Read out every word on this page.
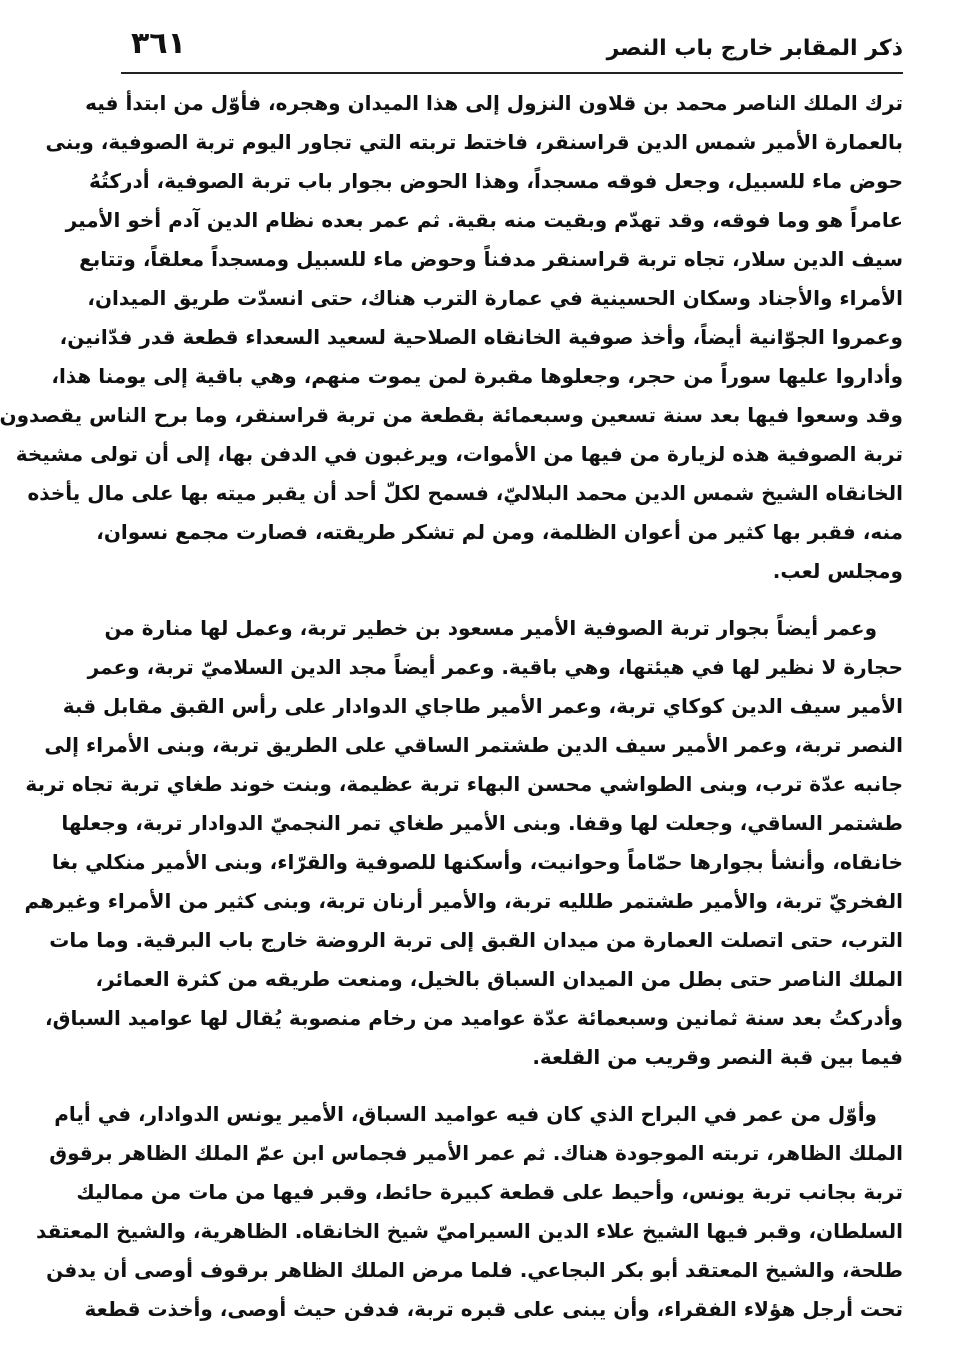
ذكر المقابر خارج باب النصر
٣٦١
ترك الملك الناصر محمد بن قلاون النزول إلى هذا الميدان وهجره، فأوّل من ابتدأ فيه
بالعمارة الأمير شمس الدين قراسنقر، فاختط تربته التي تجاور اليوم تربة الصوفية، وبنى
حوض ماء للسبيل، وجعل فوقه مسجداً، وهذا الحوض بجوار باب تربة الصوفية، أدركتُهُ
عامراً هو وما فوقه، وقد تهدّم وبقيت منه بقية. ثم عمر بعده نظام الدين آدم أخو الأمير
سيف الدين سلار، تجاه تربة قراسنقر مدفناً وحوض ماء للسبيل ومسجداً معلقاً، وتتابع
الأمراء والأجناد وسكان الحسينية في عمارة الترب هناك، حتى انسدّت طريق الميدان،
وعمروا الجوّانية أيضاً، وأخذ صوفية الخانقاه الصلاحية لسعيد السعداء قطعة قدر فدّانين،
وأداروا عليها سوراً من حجر، وجعلوها مقبرة لمن يموت منهم، وهي باقية إلى يومنا هذا،
وقد وسعوا فيها بعد سنة تسعين وسبعمائة بقطعة من تربة قراسنقر، وما برح الناس يقصدون
تربة الصوفية هذه لزيارة من فيها من الأموات، ويرغبون في الدفن بها، إلى أن تولى مشيخة
الخانقاه الشيخ شمس الدين محمد البلاليّ، فسمح لكلّ أحد أن يقبر ميته بها على مال يأخذه
منه، فقبر بها كثير من أعوان الظلمة، ومن لم تشكر طريقته، فصارت مجمع نسوان،
ومجلس لعب.
وعمر أيضاً بجوار تربة الصوفية الأمير مسعود بن خطير تربة، وعمل لها منارة من
حجارة لا نظير لها في هيئتها، وهي باقية. وعمر أيضاً مجد الدين السلاميّ تربة، وعمر
الأمير سيف الدين كوكاي تربة، وعمر الأمير طاجاي الدوادار على رأس القبق مقابل قبة
النصر تربة، وعمر الأمير سيف الدين طشتمر الساقي على الطريق تربة، وبنى الأمراء إلى
جانبه عدّة ترب، وبنى الطواشي محسن البهاء تربة عظيمة، وبنت خوند طغاي تربة تجاه تربة
طشتمر الساقي، وجعلت لها وقفا. وبنى الأمير طغاي تمر النجميّ الدوادار تربة، وجعلها
خانقاه، وأنشأ بجوارها حمّاماً وحوانيت، وأسكنها للصوفية والقرّاء، وبنى الأمير منكلي بغا
الفخريّ تربة، والأمير طشتمر طلليه تربة، والأمير أرنان تربة، وبنى كثير من الأمراء وغيرهم
الترب، حتى اتصلت العمارة من ميدان القبق إلى تربة الروضة خارج باب البرقية. وما مات
الملك الناصر حتى بطل من الميدان السباق بالخيل، ومنعت طريقه من كثرة العمائر،
وأدركتُ بعد سنة ثمانين وسبعمائة عدّة عواميد من رخام منصوبة يُقال لها عواميد السباق،
فيما بين قبة النصر وقريب من القلعة.
وأوّل من عمر في البراح الذي كان فيه عواميد السباق، الأمير يونس الدوادار، في أيام
الملك الظاهر، تربته الموجودة هناك. ثم عمر الأمير فجماس ابن عمّ الملك الظاهر برقوق
تربة بجانب تربة يونس، وأحيط على قطعة كبيرة حائط، وقبر فيها من مات من مماليك
السلطان، وقبر فيها الشيخ علاء الدين السيراميّ شيخ الخانقاه. الظاهرية، والشيخ المعتقد
طلحة، والشيخ المعتقد أبو بكر البجاعي. فلما مرض الملك الظاهر برقوف أوصى أن يدفن
تحت أرجل هؤلاء الفقراء، وأن يبنى على قبره تربة، فدفن حيث أوصى، وأخذت قطعة
